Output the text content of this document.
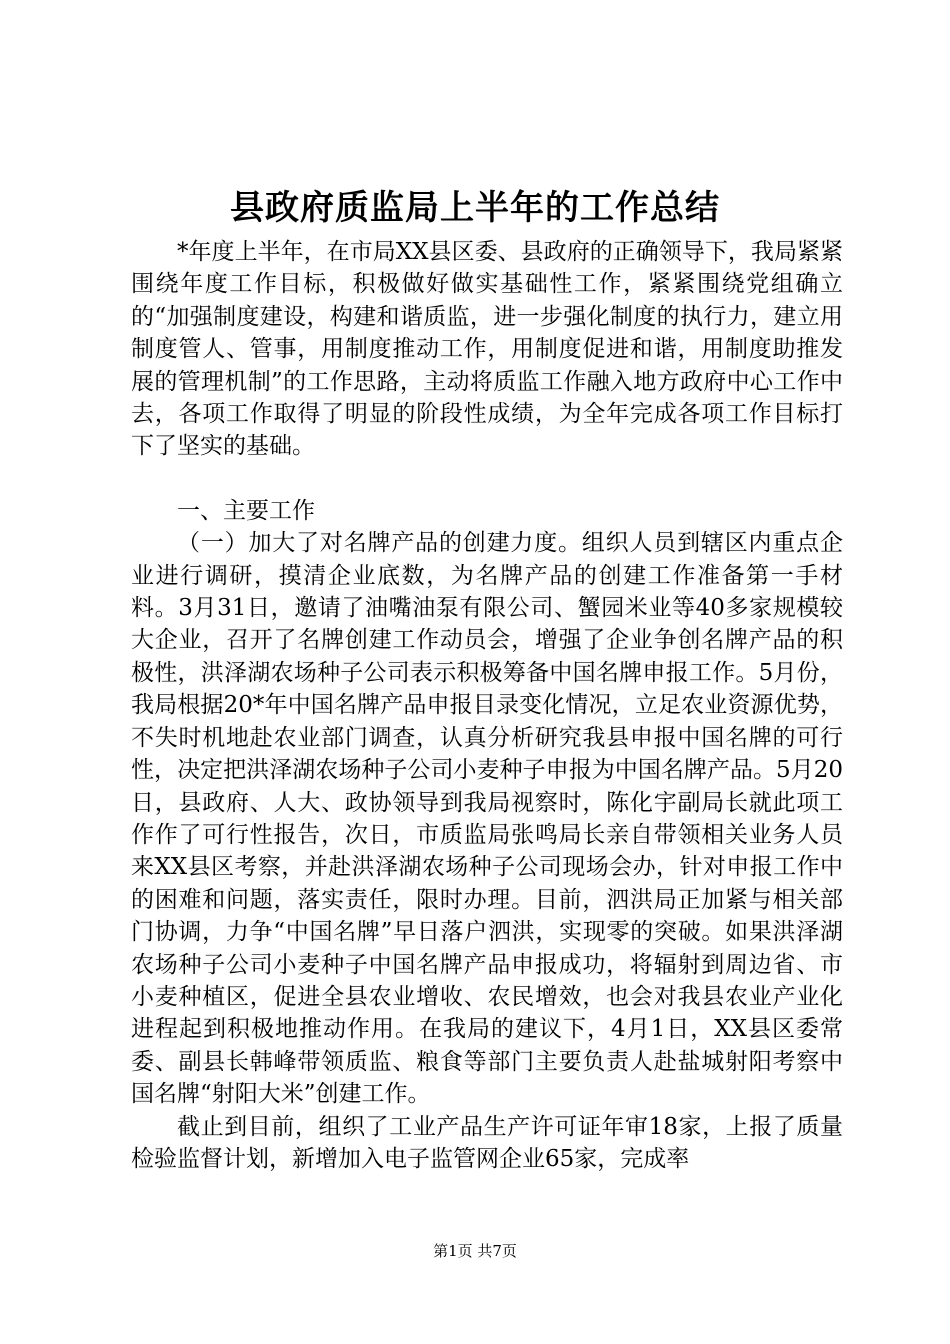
县政府质监局上半年的工作总结

*年度上半年，在市局XX县区委、县政府的正确领导下，我局紧紧围绕年度工作目标，积极做好做实基础性工作，紧紧围绕党组确立的“加强制度建设，构建和谐质监，进一步强化制度的执行力，建立用制度管人、管事，用制度推动工作，用制度促进和谐，用制度助推发展的管理机制”的工作思路，主动将质监工作融入地方政府中心工作中去，各项工作取得了明显的阶段性成绩，为全年完成各项工作目标打下了坚实的基础。

一、主要工作

（一）加大了对名牌产品的创建力度。组织人员到辖区内重点企业进行调研，摸清企业底数，为名牌产品的创建工作准备第一手材料。3月31日，邀请了油嘴油泵有限公司、蟹园米业等40多家规模较大企业，召开了名牌创建工作动员会，增强了企业争创名牌产品的积极性，洪泽湖农场种子公司表示积极筹备中国名牌申报工作。5月份，我局根据20*年中国名牌产品申报目录变化情况，立足农业资源优势，不失时机地赴农业部门调查，认真分析研究我县申报中国名牌的可行性，决定把洪泽湖农场种子公司小麦种子申报为中国名牌产品。5月20日，县政府、人大、政协领导到我局视察时，陈化宇副局长就此项工作作了可行性报告，次日，市质监局张鸣局长亲自带领相关业务人员来XX县区考察，并赴洪泽湖农场种子公司现场会办，针对申报工作中的困难和问题，落实责任，限时办理。目前，泗洪局正加紧与相关部门协调，力争“中国名牌”早日落户泗洪，实现零的突破。如果洪泽湖农场种子公司小麦种子中国名牌产品申报成功，将辐射到周边省、市小麦种植区，促进全县农业增收、农民增效，也会对我县农业产业化进程起到积极地推动作用。在我局的建议下，4月1日，XX县区委常委、副县长韩峰带领质监、粮食等部门主要负责人赴盐城射阳考察中国名牌“射阳大米”创建工作。

截止到目前，组织了工业产品生产许可证年审18家，上报了质量检验监督计划，新增加入电子监管网企业65家，完成率

第1页 共7页
